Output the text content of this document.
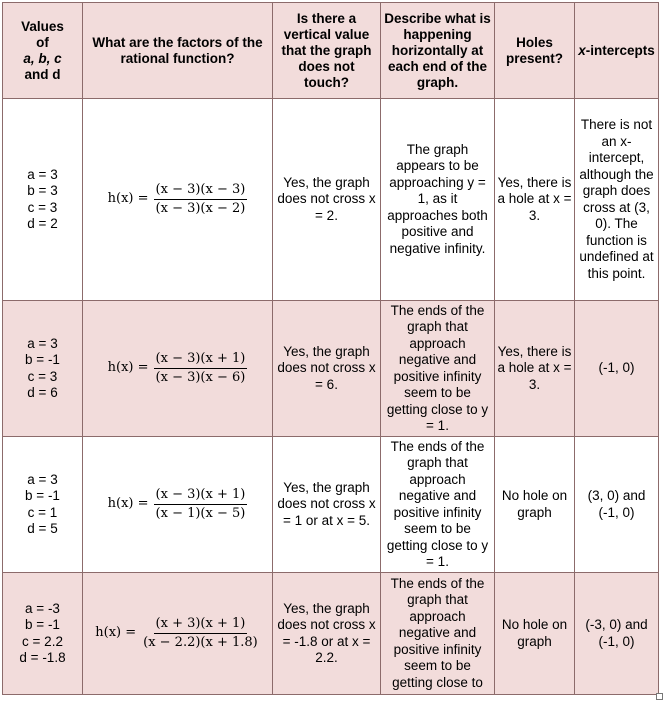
Values
of
a, b, c
and d	What are the factors of the rational function?	Is there a vertical value that the graph does not touch?	Describe what is happening horizontally at each end of the graph.	Holes present?	x-intercepts

a = 3
b = 3
c = 3
d = 2	$h(x) = \frac{(x - 3)(x - 3)}{(x - 3)(x - 2)}$	Yes, the graph does not cross x = 2.	The graph appears to be approaching y = 1, as it approaches both positive and negative infinity.	Yes, there is a hole at x = 3.	There is not an x-intercept, although the graph does cross at (3, 0). The function is undefined at this point.

a = 3
b = -1
c = 3
d = 6	$h(x) = \frac{(x - 3)(x + 1)}{(x - 3)(x - 6)}$	Yes, the graph does not cross x = 6.	The ends of the graph that approach negative and positive infinity seem to be getting close to y = 1.	Yes, there is a hole at x = 3.	(-1, 0)

a = 3
b = -1
c = 1
d = 5	$h(x) = \frac{(x - 3)(x + 1)}{(x - 1)(x - 5)}$	Yes, the graph does not cross x = 1 or at x = 5.	The ends of the graph that approach negative and positive infinity seem to be getting close to y = 1.	No hole on graph	(3, 0) and (-1, 0)

a = -3
b = -1
c = 2.2
d = -1.8	$h(x) = \frac{(x + 3)(x + 1)}{(x - 2.2)(x + 1.8)}$	Yes, the graph does not cross x = -1.8 or at x = 2.2.	The ends of the graph that approach negative and positive infinity seem to be getting close to	No hole on graph	(-3, 0) and (-1, 0)
